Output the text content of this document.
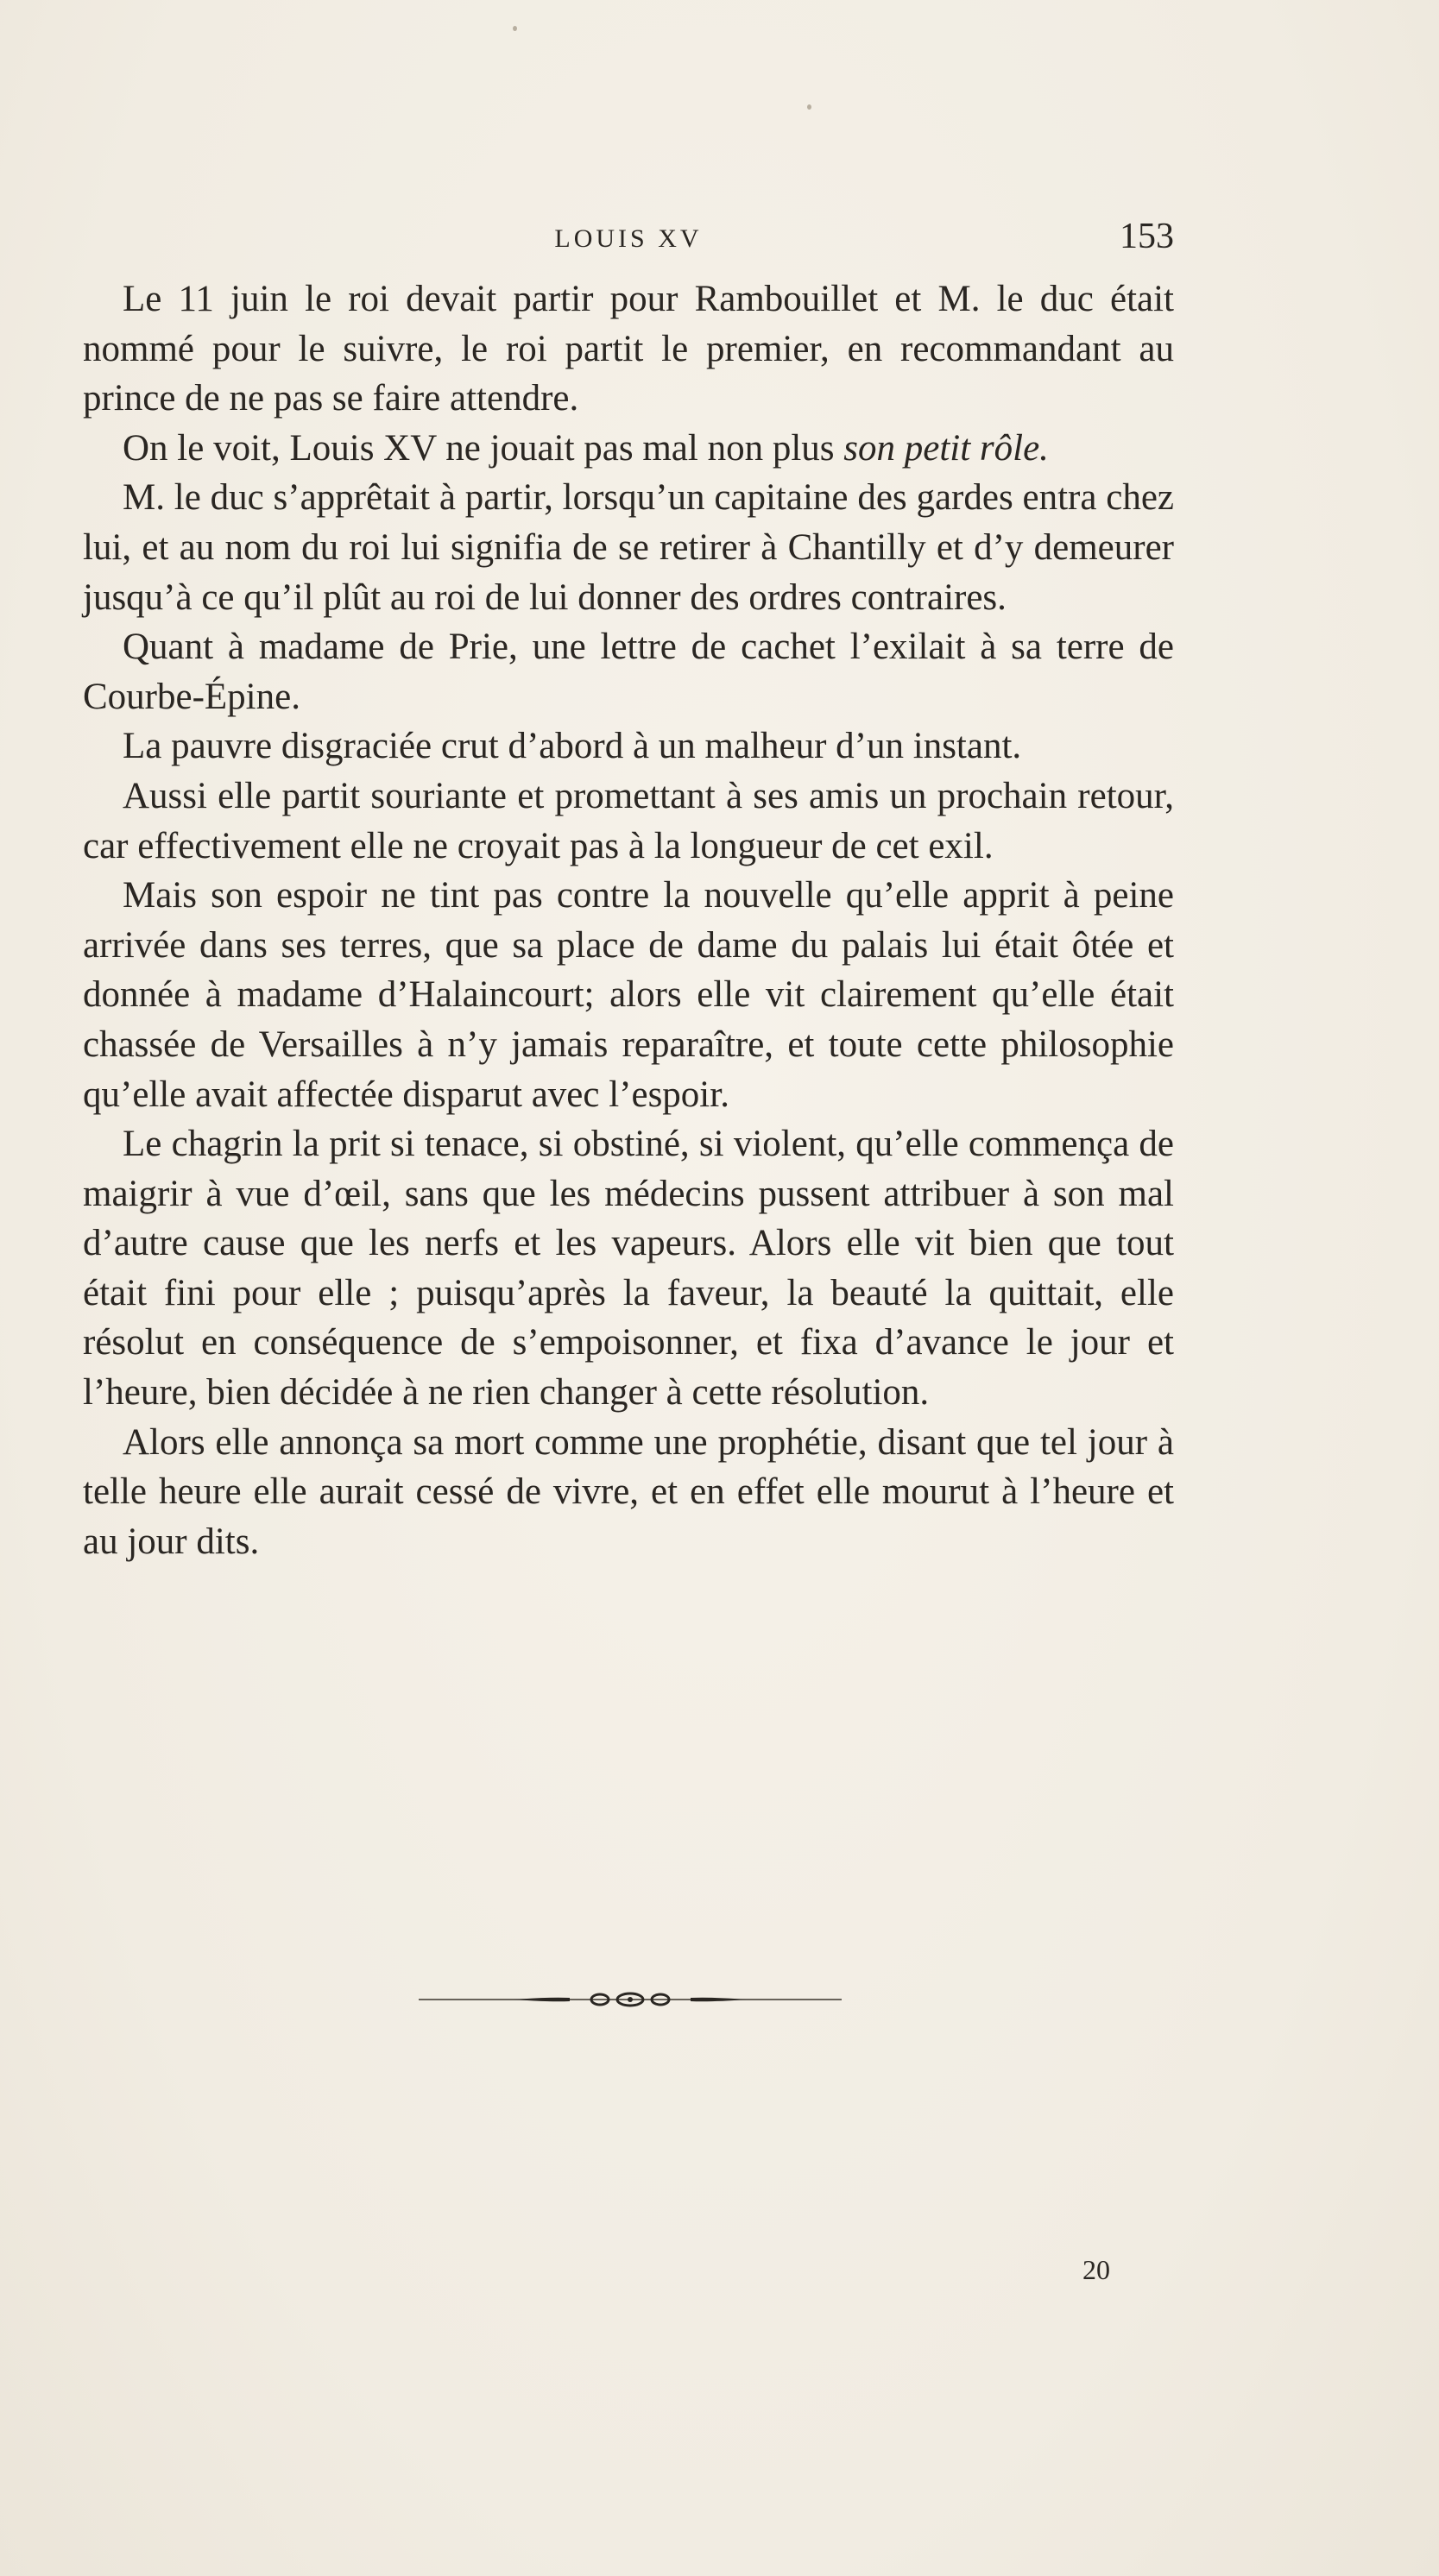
LOUIS XV	153

Le 11 juin le roi devait partir pour Rambouillet et M. le duc était nommé pour le suivre, le roi partit le premier, en recommandant au prince de ne pas se faire attendre.

On le voit, Louis XV ne jouait pas mal non plus son petit rôle.

M. le duc s’apprêtait à partir, lorsqu’un capitaine des gardes entra chez lui, et au nom du roi lui signifia de se retirer à Chantilly et d’y demeurer jusqu’à ce qu’il plût au roi de lui donner des ordres contraires.

Quant à madame de Prie, une lettre de cachet l’exilait à sa terre de Courbe-Épine.

La pauvre disgraciée crut d’abord à un malheur d’un instant.

Aussi elle partit souriante et promettant à ses amis un prochain retour, car effectivement elle ne croyait pas à la longueur de cet exil.

Mais son espoir ne tint pas contre la nouvelle qu’elle apprit à peine arrivée dans ses terres, que sa place de dame du palais lui était ôtée et donnée à madame d’Halaincourt; alors elle vit clairement qu’elle était chassée de Versailles à n’y jamais reparaître, et toute cette philosophie qu’elle avait affectée disparut avec l’espoir.

Le chagrin la prit si tenace, si obstiné, si violent, qu’elle commença de maigrir à vue d’œil, sans que les médecins pussent attribuer à son mal d’autre cause que les nerfs et les vapeurs. Alors elle vit bien que tout était fini pour elle ; puisqu’après la faveur, la beauté la quittait, elle résolut en conséquence de s’empoisonner, et fixa d’avance le jour et l’heure, bien décidée à ne rien changer à cette résolution.

Alors elle annonça sa mort comme une prophétie, disant que tel jour à telle heure elle aurait cessé de vivre, et en effet elle mourut à l’heure et au jour dits.

20
